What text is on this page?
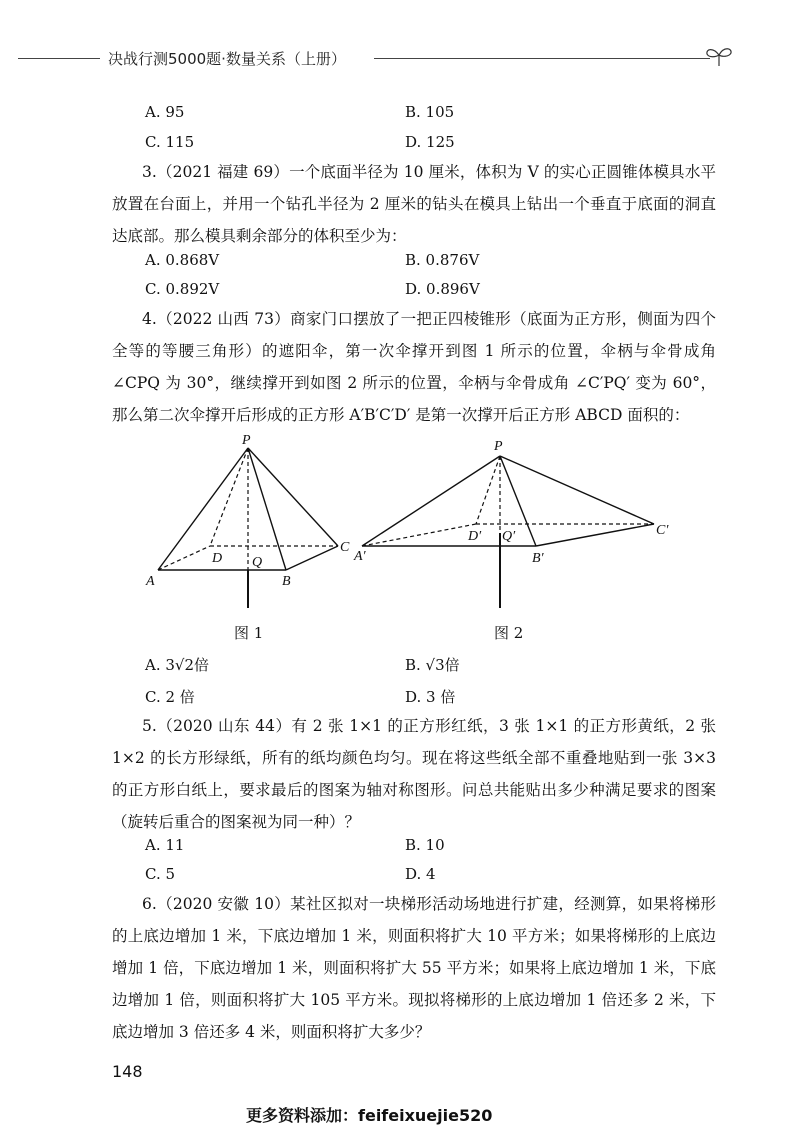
决战行测5000题·数量关系（上册）
A. 95	B. 105
C. 115	D. 125
3.（2021 福建 69）一个底面半径为 10 厘米，体积为 V 的实心正圆锥体模具水平放置在台面上，并用一个钻孔半径为 2 厘米的钻头在模具上钻出一个垂直于底面的洞直达底部。那么模具剩余部分的体积至少为：
A. 0.868V	B. 0.876V
C. 0.892V	D. 0.896V
4.（2022 山西 73）商家门口摆放了一把正四棱锥形（底面为正方形，侧面为四个全等的等腰三角形）的遮阳伞，第一次伞撑开到图 1 所示的位置，伞柄与伞骨成角 ∠CPQ 为 30°，继续撑开到如图 2 所示的位置，伞柄与伞骨成角 ∠C′PQ′ 变为 60°，那么第二次伞撑开后形成的正方形 A′B′C′D′ 是第一次撑开后正方形 ABCD 面积的：
P
A	B
C
D Q
图 1
P
A′	B′
C′
D′ Q′
图 2
A. 3√2倍	B. √3倍
C. 2 倍	D. 3 倍
5.（2020 山东 44）有 2 张 1×1 的正方形红纸，3 张 1×1 的正方形黄纸，2 张 1×2 的长方形绿纸，所有的纸均颜色均匀。现在将这些纸全部不重叠地贴到一张 3×3 的正方形白纸上，要求最后的图案为轴对称图形。问总共能贴出多少种满足要求的图案（旋转后重合的图案视为同一种）？
A. 11	B. 10
C. 5	D. 4
6.（2020 安徽 10）某社区拟对一块梯形活动场地进行扩建，经测算，如果将梯形的上底边增加 1 米，下底边增加 1 米，则面积将扩大 10 平方米；如果将梯形的上底边增加 1 倍，下底边增加 1 米，则面积将扩大 55 平方米；如果将上底边增加 1 米，下底边增加 1 倍，则面积将扩大 105 平方米。现拟将梯形的上底边增加 1 倍还多 2 米，下底边增加 3 倍还多 4 米，则面积将扩大多少？
148
更多资料添加：feifeixuejie520
